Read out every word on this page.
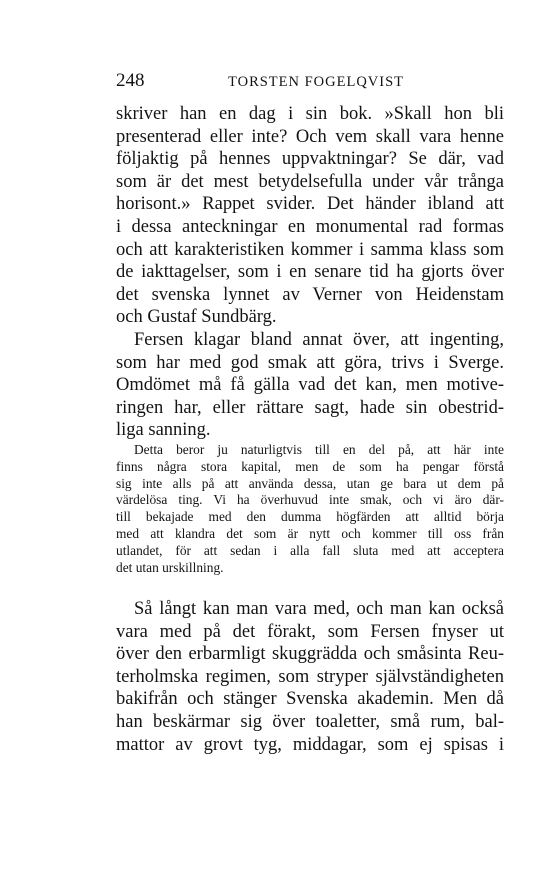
248	TORSTEN FOGELQVIST
skriver han en dag i sin bok. »Skall hon bli
presenterad eller inte? Och vem skall vara henne
följaktig på hennes uppvaktningar? Se där, vad
som är det mest betydelsefulla under vår trånga
horisont.» Rappet svider. Det händer ibland att
i dessa anteckningar en monumental rad formas
och att karakteristiken kommer i samma klass som
de iakttagelser, som i en senare tid ha gjorts över
det svenska lynnet av Verner von Heidenstam
och Gustaf Sundbärg.
Fersen klagar bland annat över, att ingenting,
som har med god smak att göra, trivs i Sverge.
Omdömet må få gälla vad det kan, men motive-
ringen har, eller rättare sagt, hade sin obestrid-
liga sanning.
Detta beror ju naturligtvis till en del på, att här inte
finns några stora kapital, men de som ha pengar förstå
sig inte alls på att använda dessa, utan ge bara ut dem på
värdelösa ting. Vi ha överhuvud inte smak, och vi äro där-
till bekajade med den dumma högfärden att alltid börja
med att klandra det som är nytt och kommer till oss från
utlandet, för att sedan i alla fall sluta med att acceptera
det utan urskillning.
Så långt kan man vara med, och man kan också
vara med på det förakt, som Fersen fnyser ut
över den erbarmligt skuggrädda och småsinta Reu-
terholmska regimen, som stryper självständigheten
bakifrån och stänger Svenska akademin. Men då
han beskärmar sig över toaletter, små rum, bal-
mattor av grovt tyg, middagar, som ej spisas i
